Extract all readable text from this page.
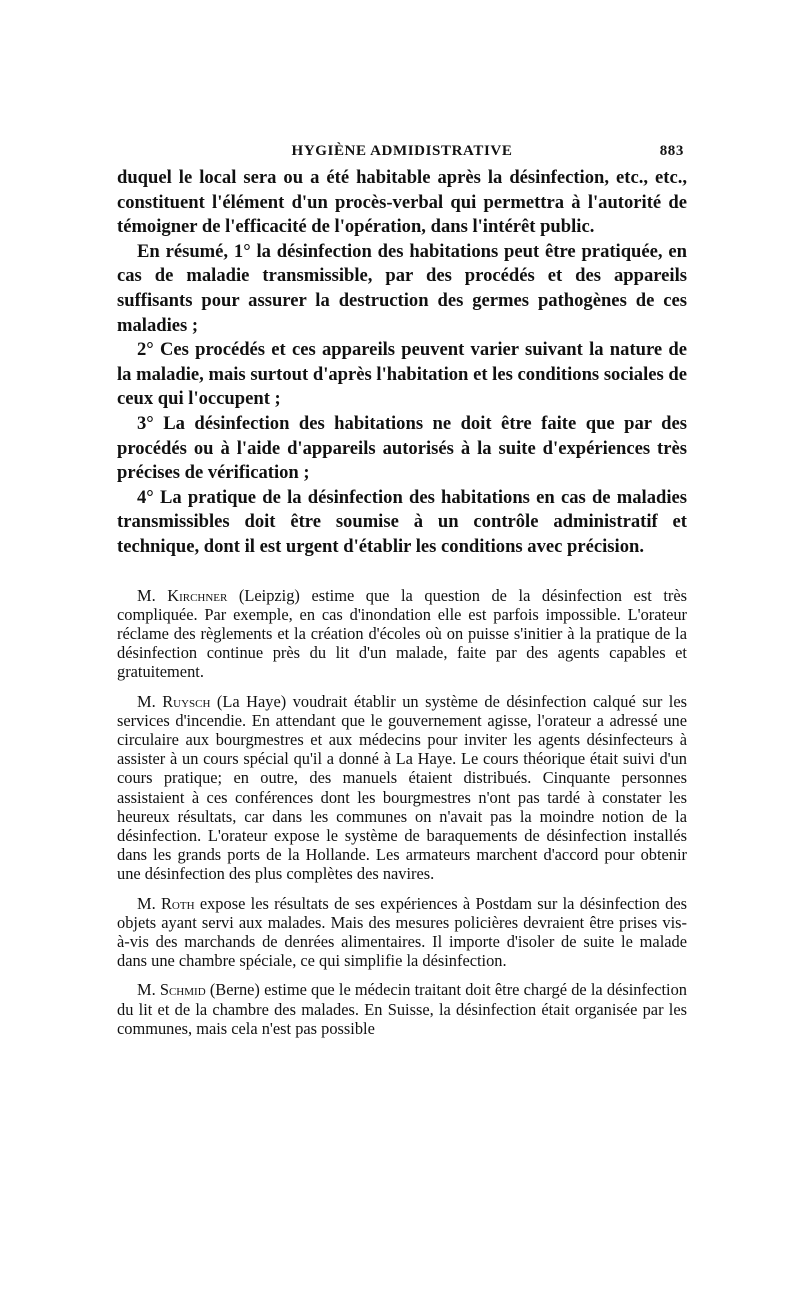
HYGIÈNE ADMIDISTRATIVE	883

duquel le local sera ou a été habitable après la désinfection, etc., etc., constituent l'élément d'un procès-verbal qui permettra à l'autorité de témoigner de l'efficacité de l'opération, dans l'intérêt public.

En résumé, 1° la désinfection des habitations peut être pratiquée, en cas de maladie transmissible, par des procédés et des appareils suffisants pour assurer la destruction des germes pathogènes de ces maladies ;

2° Ces procédés et ces appareils peuvent varier suivant la nature de la maladie, mais surtout d'après l'habitation et les conditions sociales de ceux qui l'occupent ;

3° La désinfection des habitations ne doit être faite que par des procédés ou à l'aide d'appareils autorisés à la suite d'expériences très précises de vérification ;

4° La pratique de la désinfection des habitations en cas de maladies transmissibles doit être soumise à un contrôle administratif et technique, dont il est urgent d'établir les conditions avec précision.

M. Kirchner (Leipzig) estime que la question de la désinfection est très compliquée. Par exemple, en cas d'inondation elle est parfois impossible. L'orateur réclame des règlements et la création d'écoles où on puisse s'initier à la pratique de la désinfection continue près du lit d'un malade, faite par des agents capables et gratuitement.

M. Ruysch (La Haye) voudrait établir un système de désinfection calqué sur les services d'incendie. En attendant que le gouvernement agisse, l'orateur a adressé une circulaire aux bourgmestres et aux médecins pour inviter les agents désinfecteurs à assister à un cours spécial qu'il a donné à La Haye. Le cours théorique était suivi d'un cours pratique; en outre, des manuels étaient distribués. Cinquante personnes assistaient à ces conférences dont les bourgmestres n'ont pas tardé à constater les heureux résultats, car dans les communes on n'avait pas la moindre notion de la désinfection. L'orateur expose le système de baraquements de désinfection installés dans les grands ports de la Hollande. Les armateurs marchent d'accord pour obtenir une désinfection des plus complètes des navires.

M. Roth expose les résultats de ses expériences à Postdam sur la désinfection des objets ayant servi aux malades. Mais des mesures policières devraient être prises vis-à-vis des marchands de denrées alimentaires. Il importe d'isoler de suite le malade dans une chambre spéciale, ce qui simplifie la désinfection.

M. Schmid (Berne) estime que le médecin traitant doit être chargé de la désinfection du lit et de la chambre des malades. En Suisse, la désinfection était organisée par les communes, mais cela n'est pas possible
